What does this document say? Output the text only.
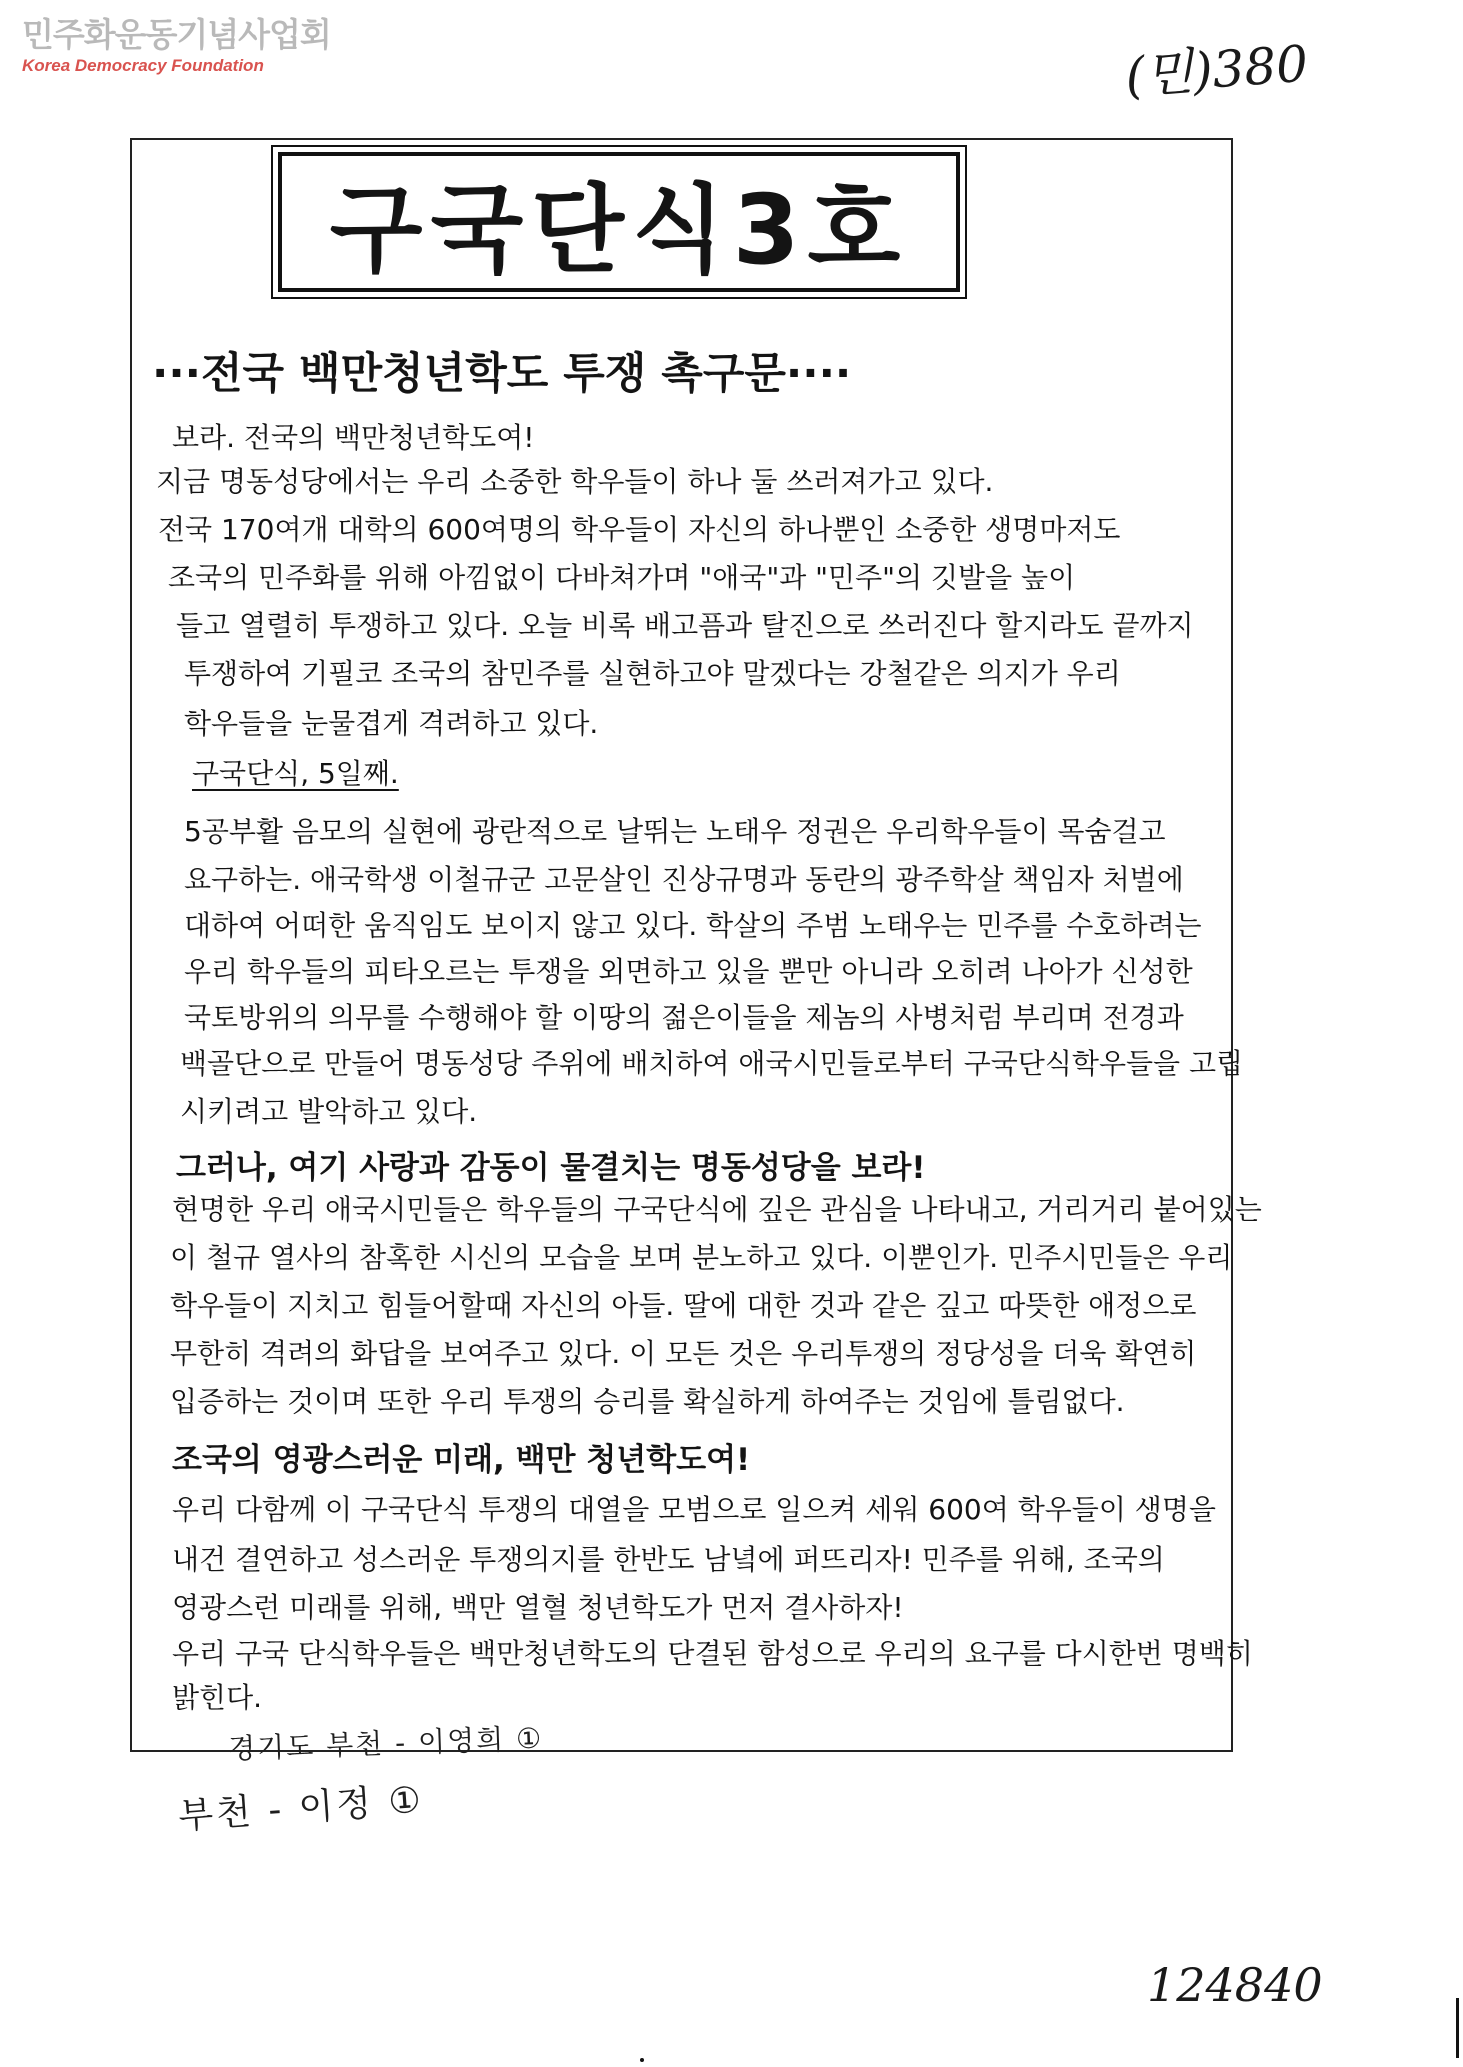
민주화운동기념사업회
Korea Democracy Foundation	(민)380
구국단식3호
···전국 백만청년학도 투쟁 촉구문····
보라. 전국의 백만청년학도여!
지금 명동성당에서는 우리 소중한 학우들이 하나 둘 쓰러져가고 있다.
전국 170여개 대학의 600여명의 학우들이 자신의 하나뿐인 소중한 생명마저도
조국의 민주화를 위해 아낌없이 다바쳐가며 "애국"과 "민주"의 깃발을 높이
들고 열렬히 투쟁하고 있다. 오늘 비록 배고픔과 탈진으로 쓰러진다 할지라도 끝까지
투쟁하여 기필코 조국의 참민주를 실현하고야 말겠다는 강철같은 의지가 우리
학우들을 눈물겹게 격려하고 있다.
구국단식, 5일째.
5공부활 음모의 실현에 광란적으로 날뛰는 노태우 정권은 우리학우들이 목숨걸고
요구하는. 애국학생 이철규군 고문살인 진상규명과 동란의 광주학살 책임자 처벌에
대하여 어떠한 움직임도 보이지 않고 있다. 학살의 주범 노태우는 민주를 수호하려는
우리 학우들의 피타오르는 투쟁을 외면하고 있을 뿐만 아니라 오히려 나아가 신성한
국토방위의 의무를 수행해야 할 이땅의 젊은이들을 제놈의 사병처럼 부리며 전경과
백골단으로 만들어 명동성당 주위에 배치하여 애국시민들로부터 구국단식학우들을 고립
시키려고 발악하고 있다.
그러나, 여기 사랑과 감동이 물결치는 명동성당을 보라!
현명한 우리 애국시민들은 학우들의 구국단식에 깊은 관심을 나타내고, 거리거리 붙어있는
이 철규 열사의 참혹한 시신의 모습을 보며 분노하고 있다. 이뿐인가. 민주시민들은 우리
학우들이 지치고 힘들어할때 자신의 아들. 딸에 대한 것과 같은 깊고 따뜻한 애정으로
무한히 격려의 화답을 보여주고 있다. 이 모든 것은 우리투쟁의 정당성을 더욱 확연히
입증하는 것이며 또한 우리 투쟁의 승리를 확실하게 하여주는 것임에 틀림없다.
조국의 영광스러운 미래, 백만 청년학도여!
우리 다함께 이 구국단식 투쟁의 대열을 모범으로 일으켜 세워 600여 학우들이 생명을
내건 결연하고 성스러운 투쟁의지를 한반도 남녘에 퍼뜨리자! 민주를 위해, 조국의
영광스런 미래를 위해, 백만 열혈 청년학도가 먼저 결사하자!
우리 구국 단식학우들은 백만청년학도의 단결된 함성으로 우리의 요구를 다시한번 명백히
밝힌다.
경기도 부천 - 이영희 ①
부천 - 이정 ①
124840
